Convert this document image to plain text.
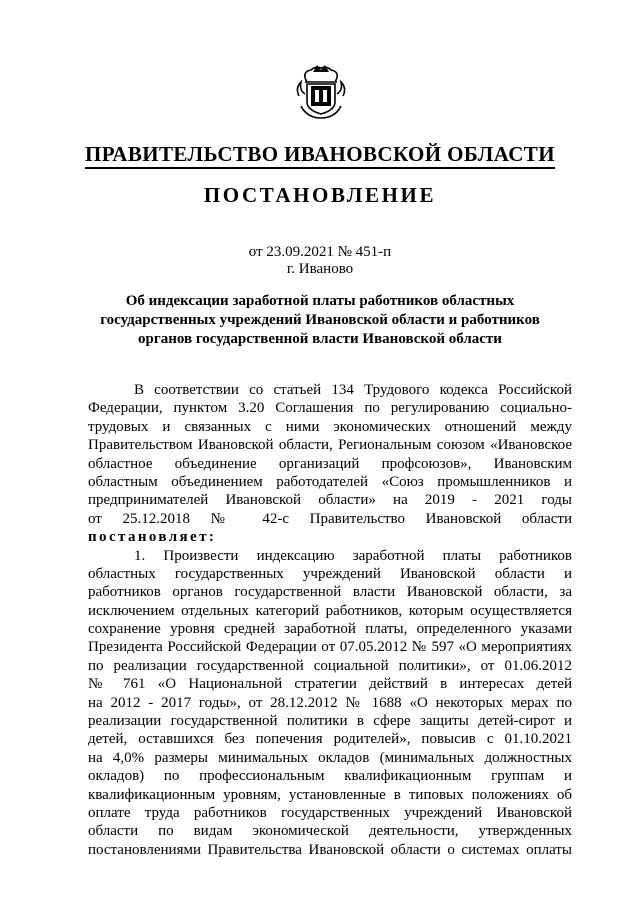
ПРАВИТЕЛЬСТВО ИВАНОВСКОЙ ОБЛАСТИ
ПОСТАНОВЛЕНИЕ
от 23.09.2021 № 451-п
г. Иваново
Об индексации заработной платы работников областных
государственных учреждений Ивановской области и работников
органов государственной власти Ивановской области
В соответствии со статьей 134 Трудового кодекса Российской
Федерации, пунктом 3.20 Соглашения по регулированию социально-
трудовых и связанных с ними экономических отношений между
Правительством Ивановской области, Региональным союзом «Ивановское
областное объединение организаций профсоюзов», Ивановским
областным объединением работодателей «Союз промышленников и
предпринимателей Ивановской области» на 2019 - 2021 годы
от 25.12.2018 № 42-с Правительство Ивановской области
постановляет:
1. Произвести индексацию заработной платы работников
областных государственных учреждений Ивановской области и
работников органов государственной власти Ивановской области, за
исключением отдельных категорий работников, которым осуществляется
сохранение уровня средней заработной платы, определенного указами
Президента Российской Федерации от 07.05.2012 № 597 «О мероприятиях
по реализации государственной социальной политики», от 01.06.2012
№ 761 «О Национальной стратегии действий в интересах детей
на 2012 - 2017 годы», от 28.12.2012 № 1688 «О некоторых мерах по
реализации государственной политики в сфере защиты детей-сирот и
детей, оставшихся без попечения родителей», повысив с 01.10.2021
на 4,0% размеры минимальных окладов (минимальных должностных
окладов) по профессиональным квалификационным группам и
квалификационным уровням, установленные в типовых положениях об
оплате труда работников государственных учреждений Ивановской
области по видам экономической деятельности, утвержденных
постановлениями Правительства Ивановской области о системах оплаты
